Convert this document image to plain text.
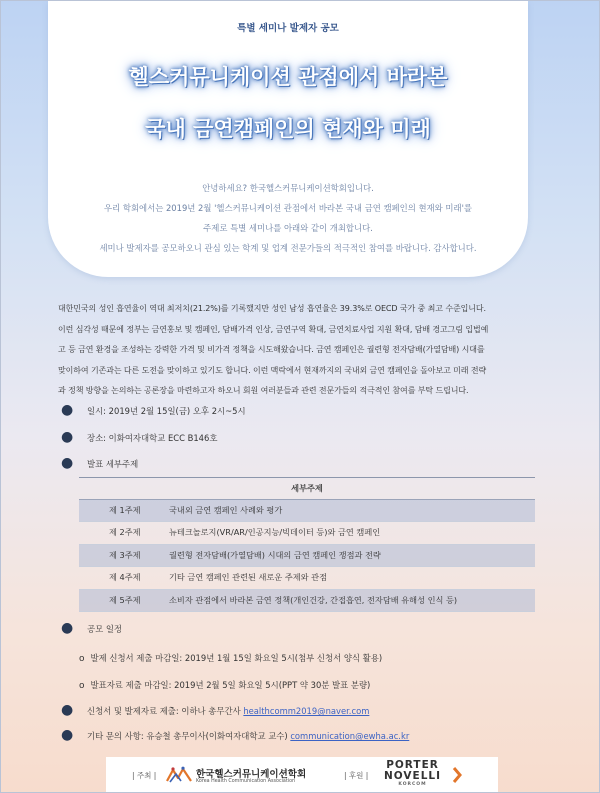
특별 세미나 발제자 공모
헬스커뮤니케이션 관점에서 바라본
국내 금연캠페인의 현재와 미래
안녕하세요? 한국헬스커뮤니케이션학회입니다.
우리 학회에서는 2019년 2월 '헬스커뮤니케이션 관점에서 바라본 국내 금연 캠페인의 현재와 미래'를
주제로 특별 세미나를 아래와 같이 개최합니다.
세미나 발제자를 공모하오니 관심 있는 학계 및 업계 전문가들의 적극적인 참여를 바랍니다. 감사합니다.
대한민국의 성인 흡연율이 역대 최저치(21.2%)를 기록했지만 성인 남성 흡연율은 39.3%로 OECD 국가 중 최고 수준입니다.
이런 심각성 때문에 정부는 금연홍보 및 캠페인, 담배가격 인상, 금연구역 확대, 금연치료사업 지원 확대, 담배 경고그림 입법예
고 등 금연 환경을 조성하는 강력한 가격 및 비가격 정책을 시도해왔습니다. 금연 캠페인은 궐련형 전자담배(가열담배) 시대를
맞이하여 기존과는 다른 도전을 맞이하고 있기도 합니다. 이런 맥락에서 현재까지의 국내외 금연 캠페인을 돌아보고 미래 전략
과 정책 방향을 논의하는 공론장을 마련하고자 하오니 회원 여러분들과 관련 전문가들의 적극적인 참여를 부탁 드립니다.
● 일시: 2019년 2월 15일(금) 오후 2시~5시
● 장소: 이화여자대학교 ECC B146호
● 발표 세부주제
세부주제
제 1주제	국내외 금연 캠페인 사례와 평가
제 2주제	뉴테크놀로지(VR/AR/인공지능/빅데이터 등)와 금연 캠페인
제 3주제	궐련형 전자담배(가열담배) 시대의 금연 캠페인 쟁점과 전략
제 4주제	기타 금연 캠페인 관련된 새로운 주제와 관점
제 5주제	소비자 관점에서 바라본 금연 정책(개인건강, 간접흡연, 전자담배 유해성 인식 등)
● 공모 일정
o 발제 신청서 제출 마감일: 2019년 1월 15일 화요일 5시(첨부 신청서 양식 활용)
o 발표자료 제출 마감일: 2019년 2월 5일 화요일 5시(PPT 약 30분 발표 분량)
● 신청서 및 발제자료 제출: 이하나 총무간사 healthcomm2019@naver.com
● 기타 문의 사항: 유승철 총무이사(이화여자대학교 교수) communication@ewha.ac.kr
| 주최 |	한국헬스커뮤니케이션학회
Korea Health Communication Association
| 후원 |
PORTER
NOVELLI
KORCOM
